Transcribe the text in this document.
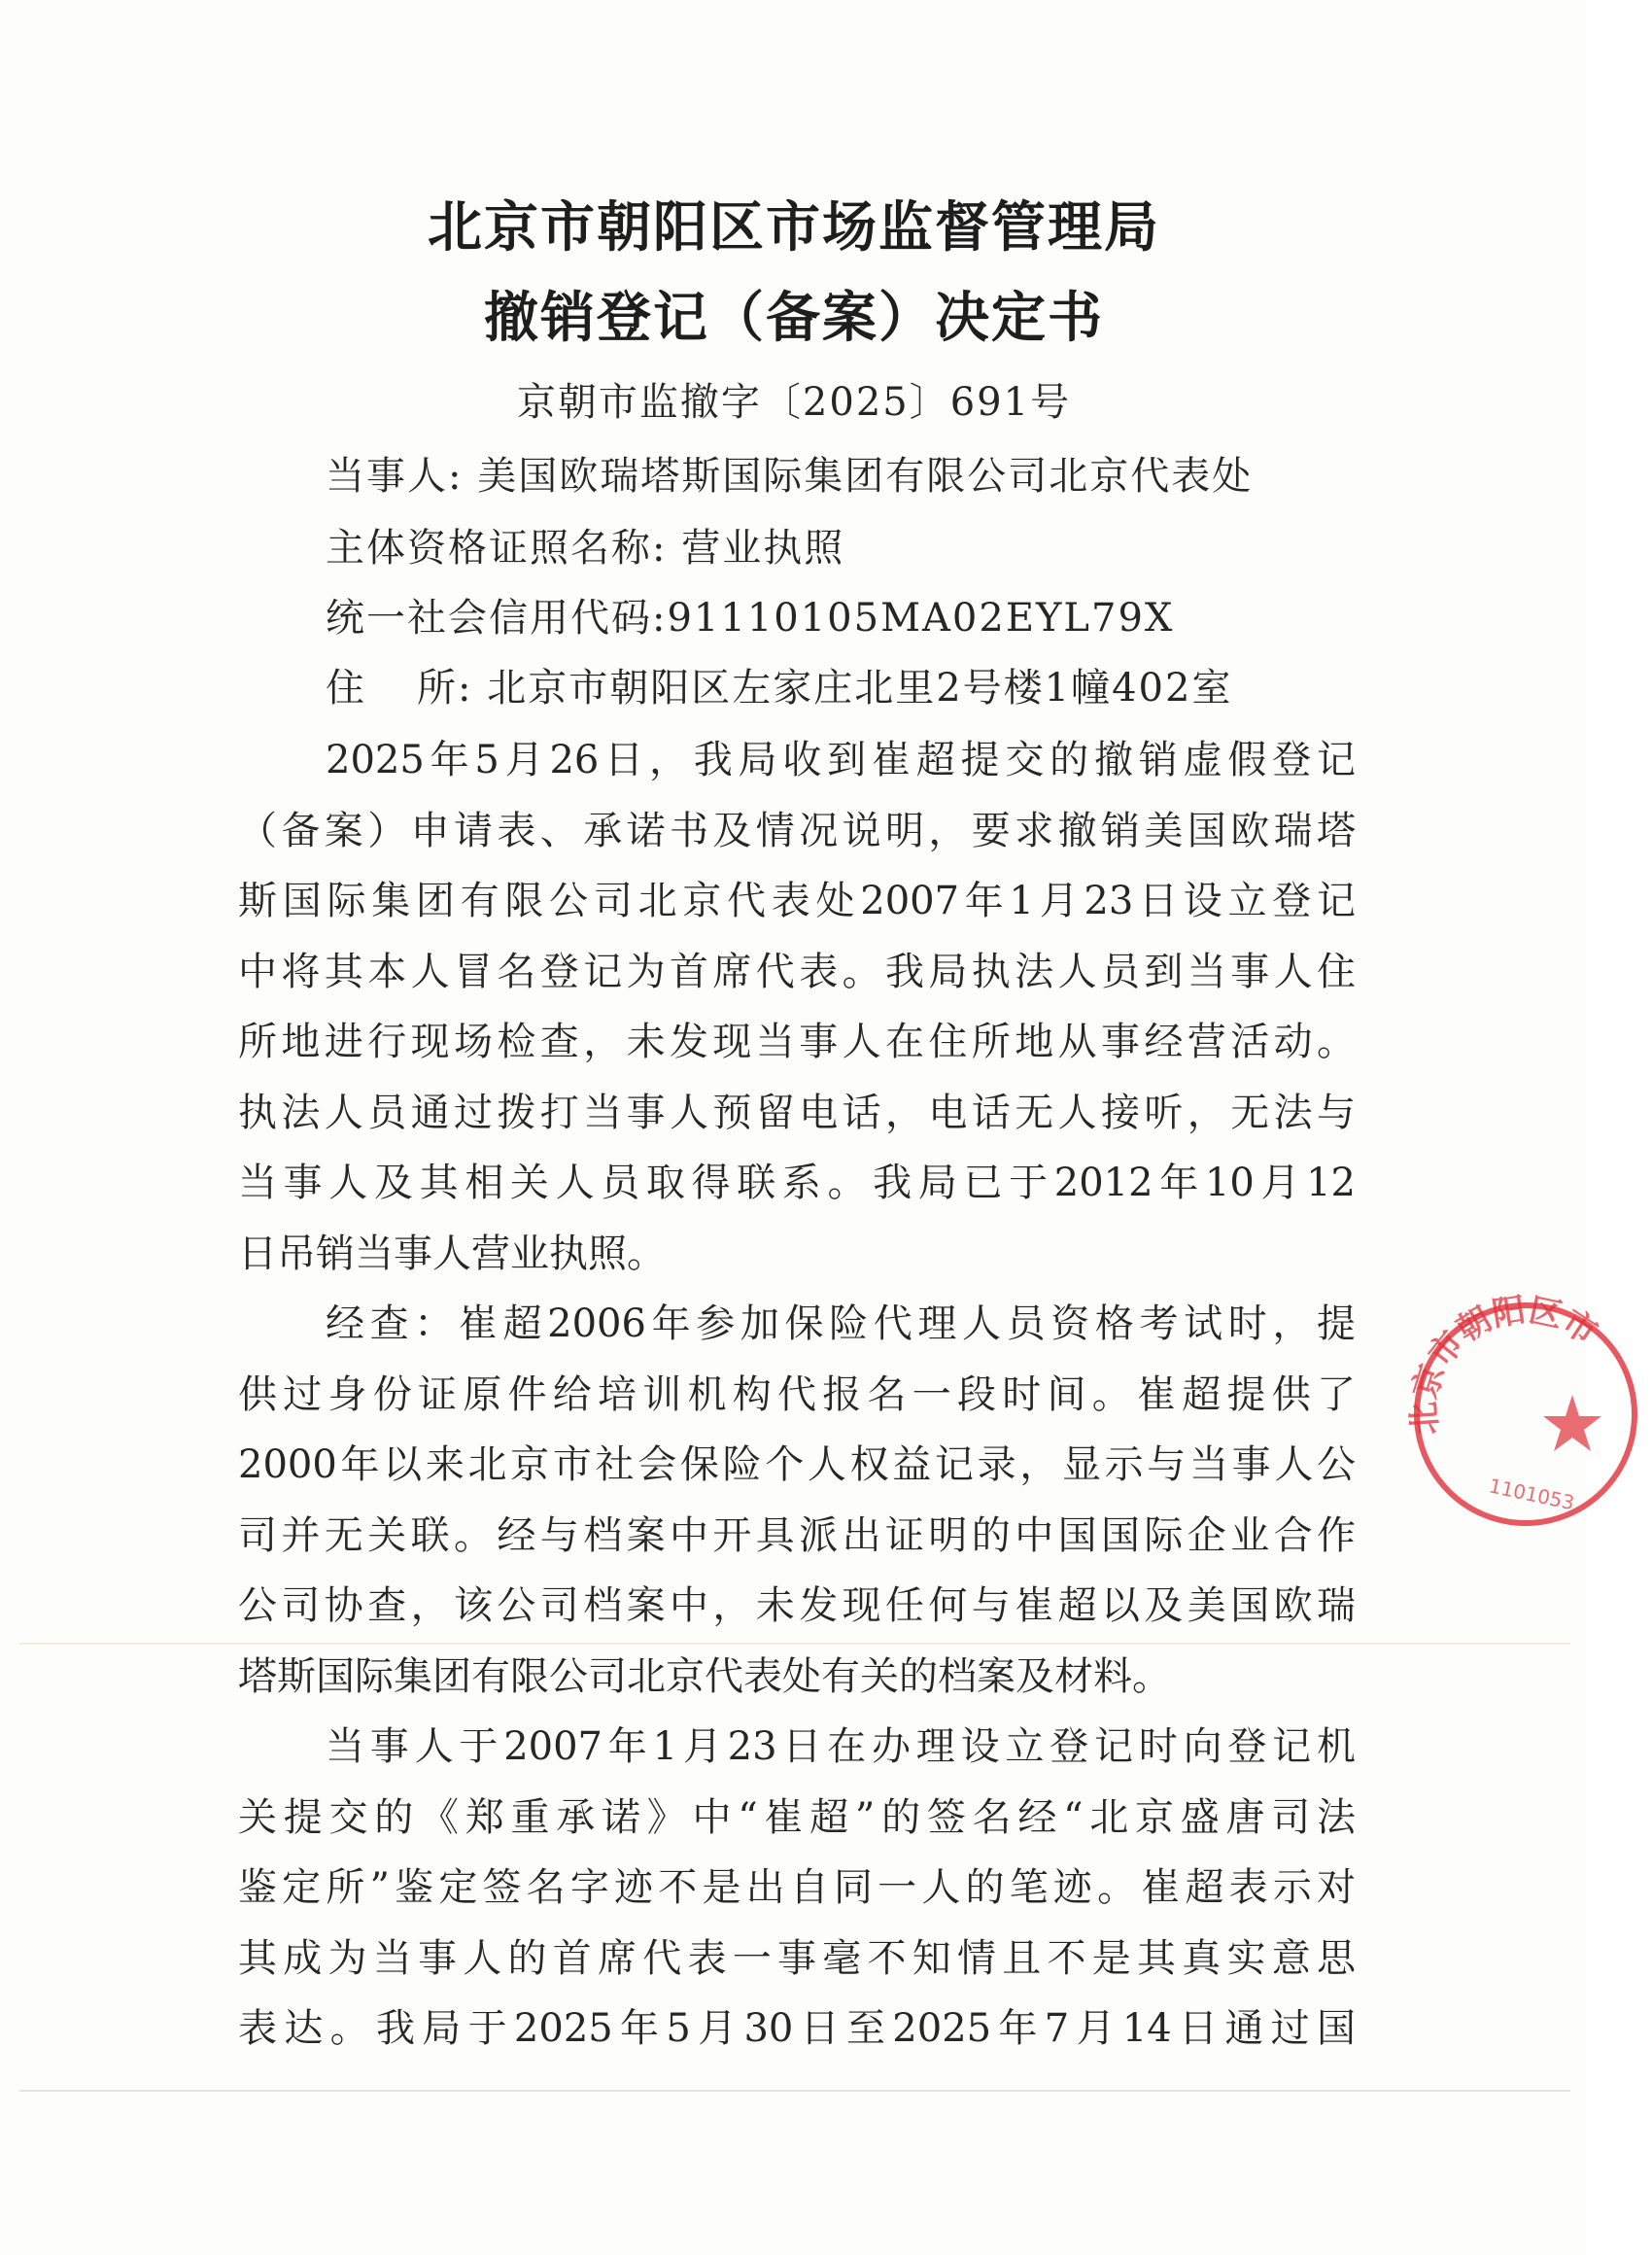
北京市朝阳区市场监督管理局
撤销登记（备案）决定书
京朝市监撤字〔2025〕691号
当事人: 美国欧瑞塔斯国际集团有限公司北京代表处
主体资格证照名称: 营业执照
统一社会信用代码:91110105MA02EYL79X
住 所: 北京市朝阳区左家庄北里2号楼1幢402室

2025年5月26日，我局收到崔超提交的撤销虚假登记
（备案）申请表、承诺书及情况说明，要求撤销美国欧瑞塔
斯国际集团有限公司北京代表处2007年1月23日设立登记
中将其本人冒名登记为首席代表。我局执法人员到当事人住
所地进行现场检查，未发现当事人在住所地从事经营活动。
执法人员通过拨打当事人预留电话，电话无人接听，无法与
当事人及其相关人员取得联系。我局已于2012年10月12
日吊销当事人营业执照。

经查：崔超2006年参加保险代理人员资格考试时，提
供过身份证原件给培训机构代报名一段时间。崔超提供了
2000年以来北京市社会保险个人权益记录，显示与当事人公
司并无关联。经与档案中开具派出证明的中国国际企业合作
公司协查，该公司档案中，未发现任何与崔超以及美国欧瑞
塔斯国际集团有限公司北京代表处有关的档案及材料。

当事人于2007年1月23日在办理设立登记时向登记机
关提交的《郑重承诺》中“崔超”的签名经“北京盛唐司法
鉴定所”鉴定签名字迹不是出自同一人的笔迹。崔超表示对
其成为当事人的首席代表一事毫不知情且不是其真实意思
表达。我局于2025年5月30日至2025年7月14日通过国

北京市朝阳区市
1101053
